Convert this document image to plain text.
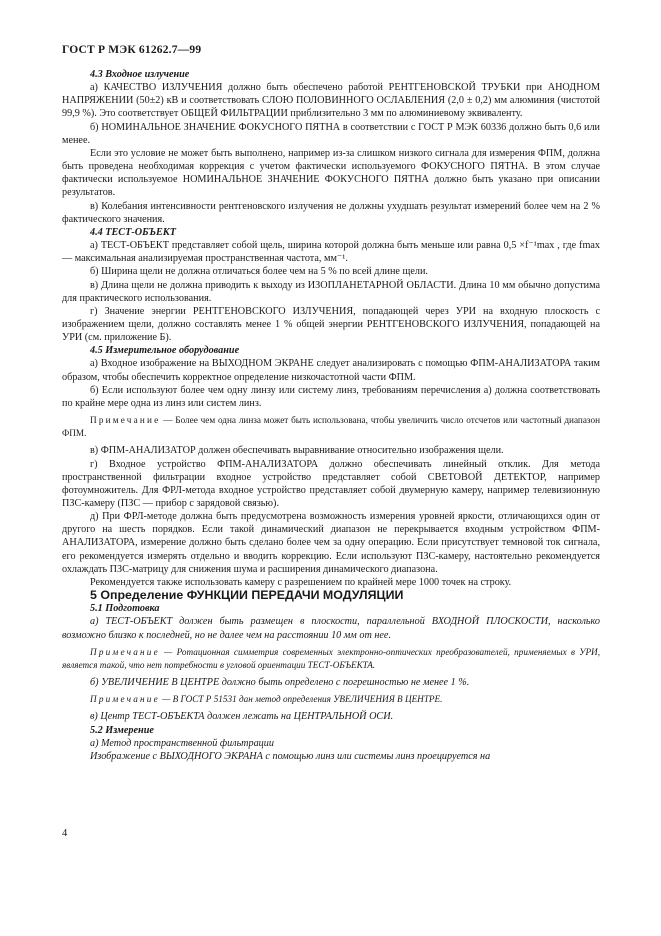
ГОСТ Р МЭК 61262.7—99

4.3 Входное излучение

а) КАЧЕСТВО ИЗЛУЧЕНИЯ должно быть обеспечено работой РЕНТГЕНОВСКОЙ ТРУБКИ при АНОДНОМ НАПРЯЖЕНИИ (50±2) кВ и соответствовать СЛОЮ ПОЛОВИННОГО ОСЛАБЛЕНИЯ (2,0 ± 0,2) мм алюминия (чистотой 99,9 %). Это соответствует ОБЩЕЙ ФИЛЬТРАЦИИ приблизительно 3 мм по алюминиевому эквиваленту.

б) НОМИНАЛЬНОЕ ЗНАЧЕНИЕ ФОКУСНОГО ПЯТНА в соответствии с ГОСТ Р МЭК 60336 должно быть 0,6 или менее.

Если это условие не может быть выполнено, например из-за слишком низкого сигнала для измерения ФПМ, должна быть проведена необходимая коррекция с учетом фактически используемого ФОКУСНОГО ПЯТНА. В этом случае фактически используемое НОМИНАЛЬНОЕ ЗНАЧЕНИЕ ФОКУСНОГО ПЯТНА должно быть указано при описании результатов.

в) Колебания интенсивности рентгеновского излучения не должны ухудшать результат измерений более чем на 2 % фактического значения.

4.4 ТЕСТ-ОБЪЕКТ

а) ТЕСТ-ОБЪЕКТ представляет собой щель, ширина которой должна быть меньше или равна 0,5 ×f⁻¹max , где fmax — максимальная анализируемая пространственная частота, мм⁻¹.

б) Ширина щели не должна отличаться более чем на 5 % по всей длине щели.

в) Длина щели не должна приводить к выходу из ИЗОПЛАНЕТАРНОЙ ОБЛАСТИ. Длина 10 мм обычно допустима для практического использования.

г) Значение энергии РЕНТГЕНОВСКОГО ИЗЛУЧЕНИЯ, попадающей через УРИ на входную плоскость с изображением щели, должно составлять менее 1 % общей энергии РЕНТГЕНОВСКОГО ИЗЛУЧЕНИЯ, попадающей на УРИ (см. приложение Б).

4.5 Измерительное оборудование

а) Входное изображение на ВЫХОДНОМ ЭКРАНЕ следует анализировать с помощью ФПМ-АНАЛИЗАТОРА таким образом, чтобы обеспечить корректное определение низкочастотной части ФПМ.

б) Если используют более чем одну линзу или систему линз, требованиям перечисления а) должна соответствовать по крайне мере одна из линз или систем линз.

Примечание — Более чем одна линза может быть использована, чтобы увеличить число отсчетов или частотный диапазон ФПМ.

в) ФПМ-АНАЛИЗАТОР должен обеспечивать выравнивание относительно изображения щели.

г) Входное устройство ФПМ-АНАЛИЗАТОРА должно обеспечивать линейный отклик. Для метода пространственной фильтрации входное устройство представляет собой СВЕТОВОЙ ДЕТЕКТОР, например фотоумножитель. Для ФРЛ-метода входное устройство представляет собой двумерную камеру, например телевизионную ПЗС-камеру (ПЗС — прибор с зарядовой связью).

д) При ФРЛ-методе должна быть предусмотрена возможность измерения уровней яркости, отличающихся один от другого на шесть порядков. Если такой динамический диапазон не перекрывается входным устройством ФПМ-АНАЛИЗАТОРА, измерение должно быть сделано более чем за одну операцию. Если присутствует темновой ток сигнала, его рекомендуется измерять отдельно и вводить коррекцию. Если используют ПЗС-камеру, настоятельно рекомендуется охлаждать ПЗС-матрицу для снижения шума и расширения динамического диапазона.

Рекомендуется также использовать камеру с разрешением по крайней мере 1000 точек на строку.

5 Определение ФУНКЦИИ ПЕРЕДАЧИ МОДУЛЯЦИИ

5.1 Подготовка

а) ТЕСТ-ОБЪЕКТ должен быть размещен в плоскости, параллельной ВХОДНОЙ ПЛОСКОСТИ, насколько возможно близко к последней, но не далее чем на расстоянии 10 мм от нее.

Примечание — Ротационная симметрия современных электронно-оптических преобразователей, применяемых в УРИ, является такой, что нет потребности в угловой ориентации ТЕСТ-ОБЪЕКТА.

б) УВЕЛИЧЕНИЕ В ЦЕНТРЕ должно быть определено с погрешностью не менее 1 %.

Примечание — В ГОСТ Р 51531 дан метод определения УВЕЛИЧЕНИЯ В ЦЕНТРЕ.

в) Центр ТЕСТ-ОБЪЕКТА должен лежать на ЦЕНТРАЛЬНОЙ ОСИ.

5.2 Измерение

а) Метод пространственной фильтрации

Изображение с ВЫХОДНОГО ЭКРАНА с помощью линз или системы линз проецируется на

4
